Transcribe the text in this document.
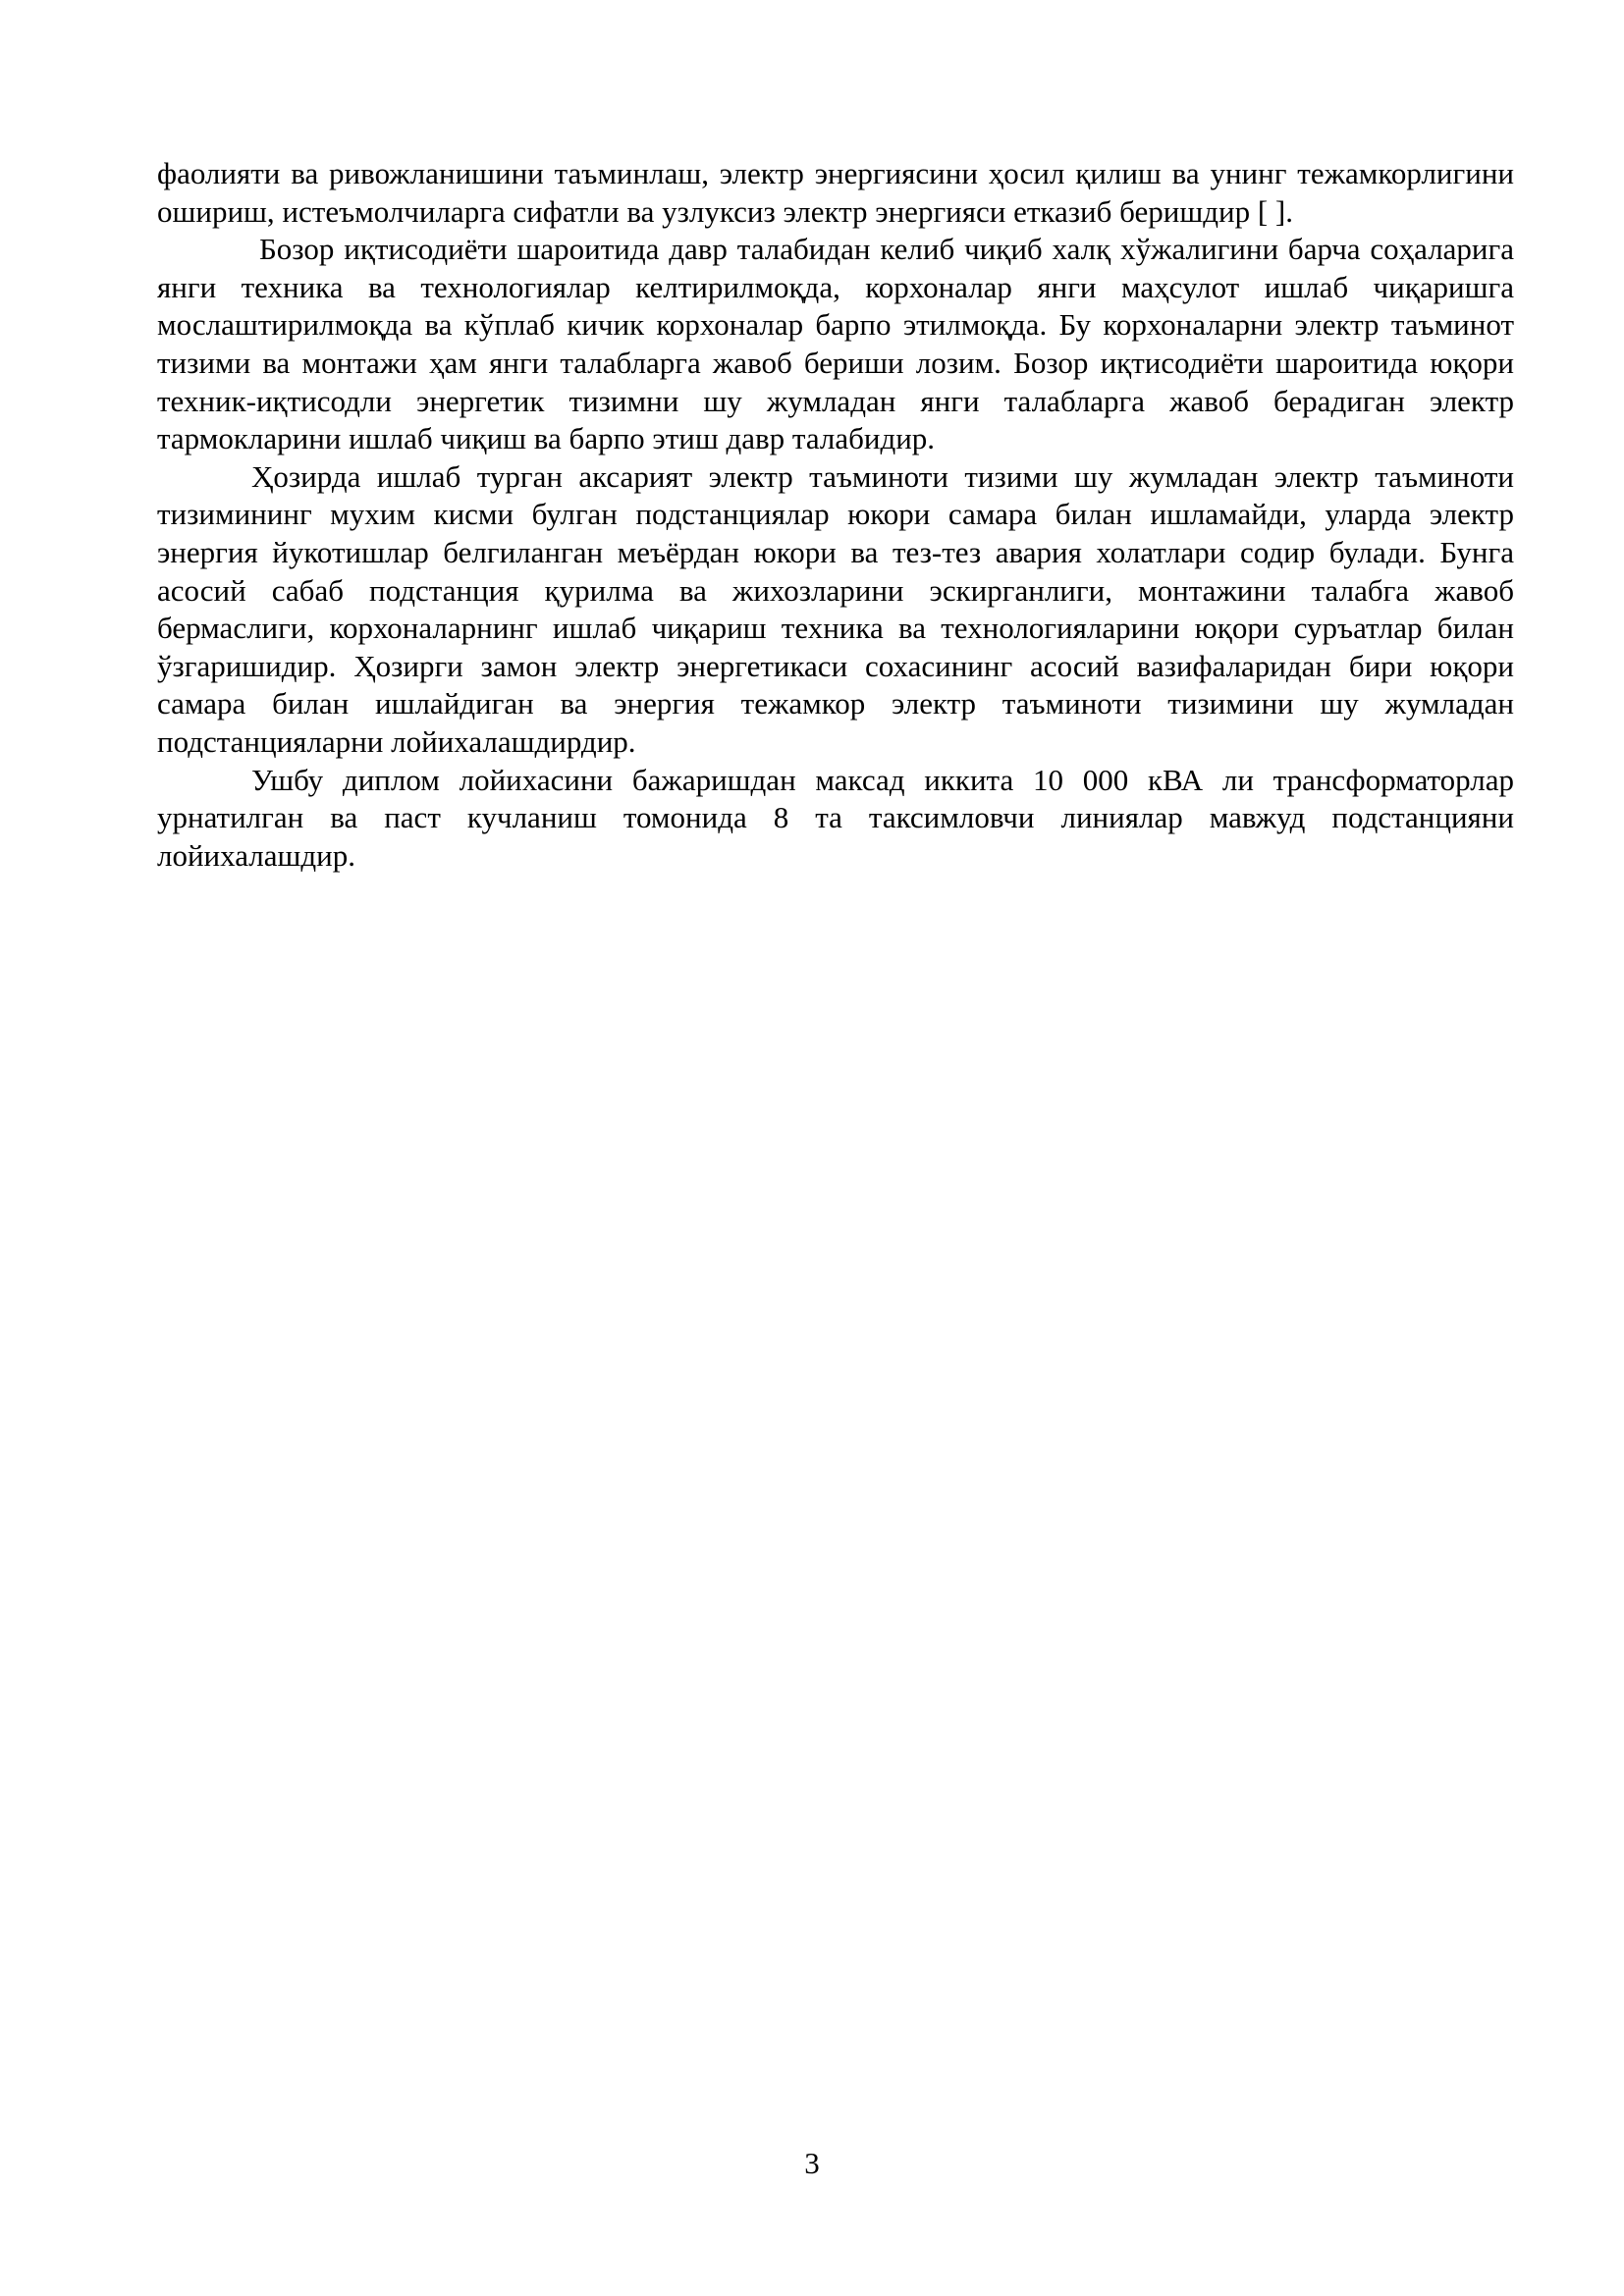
фаолияти ва ривожланишини таъминлаш, электр энергиясини ҳосил қилиш ва унинг тежамкорлигини ошириш, истеъмолчиларга сифатли ва узлуксиз электр энергияси етказиб беришдир [ ].

Бозор иқтисодиёти шароитида давр талабидан келиб чиқиб халқ хўжалигини барча соҳаларига янги техника ва технологиялар келтирилмоқда, корхоналар янги маҳсулот ишлаб чиқаришга мослаштирилмоқда ва кўплаб кичик корхоналар барпо этилмоқда. Бу корхоналарни электр таъминот тизими ва монтажи ҳам янги талабларга жавоб бериши лозим. Бозор иқтисодиёти шароитида юқори техник-иқтисодли энергетик тизимни шу жумладан янги талабларга жавоб берадиган электр тармокларини ишлаб чиқиш ва барпо этиш давр талабидир.

Ҳозирда ишлаб турган аксарият электр таъминоти тизими шу жумладан электр таъминоти тизимининг мухим кисми булган подстанциялар юкори самара билан ишламайди, уларда электр энергия йукотишлар белгиланган меъёрдан юкори ва тез-тез авария холатлари содир булади. Бунга асосий сабаб подстанция қурилма ва жихозларини эскирганлиги, монтажини талабга жавоб бермаслиги, корхоналарнинг ишлаб чиқариш техника ва технологияларини юқори суръатлар билан ўзгаришидир. Ҳозирги замон электр энергетикаси сохасининг асосий вазифаларидан бири юқори самара билан ишлайдиган ва энергия тежамкор электр таъминоти тизимини шу жумладан подстанцияларни лойихалашдирдир.

Ушбу диплом лойихасини бажаришдан максад иккита 10 000 кВА ли трансформаторлар урнатилган ва паст кучланиш томонида 8 та таксимловчи линиялар мавжуд подстанцияни лойихалашдир.

3
